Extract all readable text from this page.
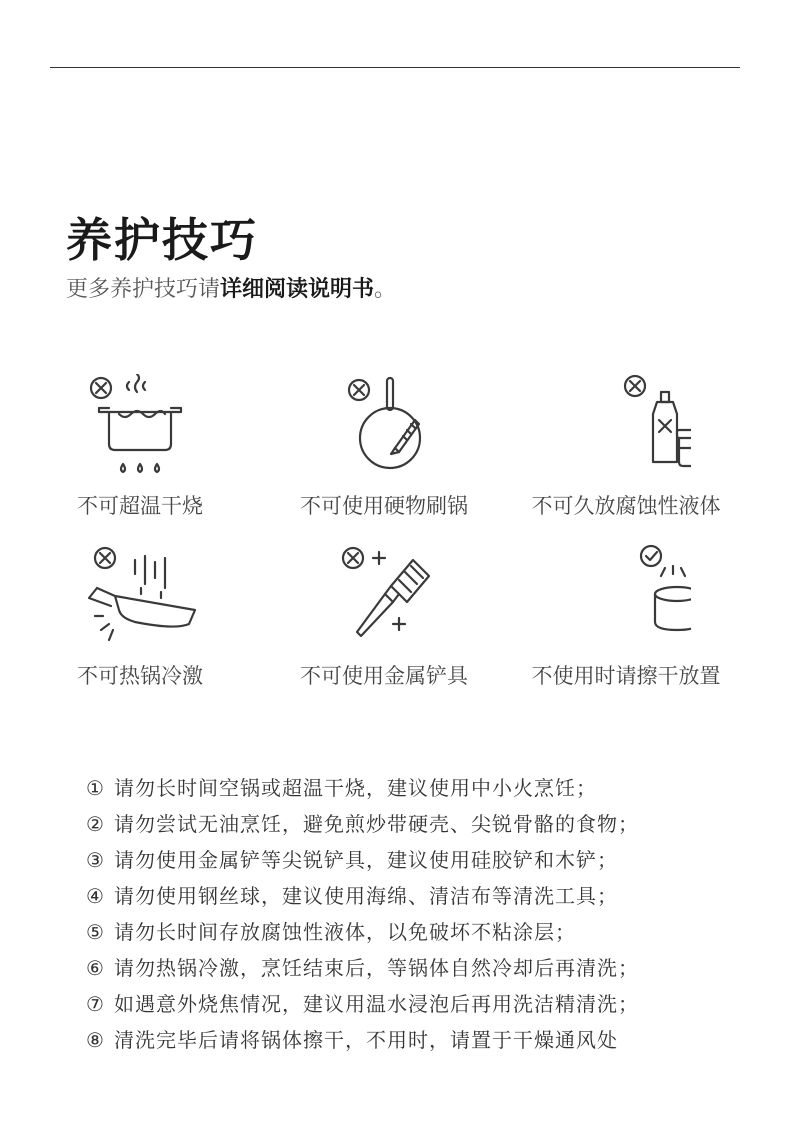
养护技巧
更多养护技巧请详细阅读说明书。
不可超温干烧	不可使用硬物刷锅	不可久放腐蚀性液体
不可热锅冷激	不可使用金属铲具	不使用时请擦干放置
① 请勿长时间空锅或超温干烧，建议使用中小火烹饪；
② 请勿尝试无油烹饪，避免煎炒带硬壳、尖锐骨骼的食物；
③ 请勿使用金属铲等尖锐铲具，建议使用硅胶铲和木铲；
④ 请勿使用钢丝球，建议使用海绵、清洁布等清洗工具；
⑤ 请勿长时间存放腐蚀性液体，以免破坏不粘涂层；
⑥ 请勿热锅冷激，烹饪结束后，等锅体自然冷却后再清洗；
⑦ 如遇意外烧焦情况，建议用温水浸泡后再用洗洁精清洗；
⑧ 清洗完毕后请将锅体擦干，不用时，请置于干燥通风处
